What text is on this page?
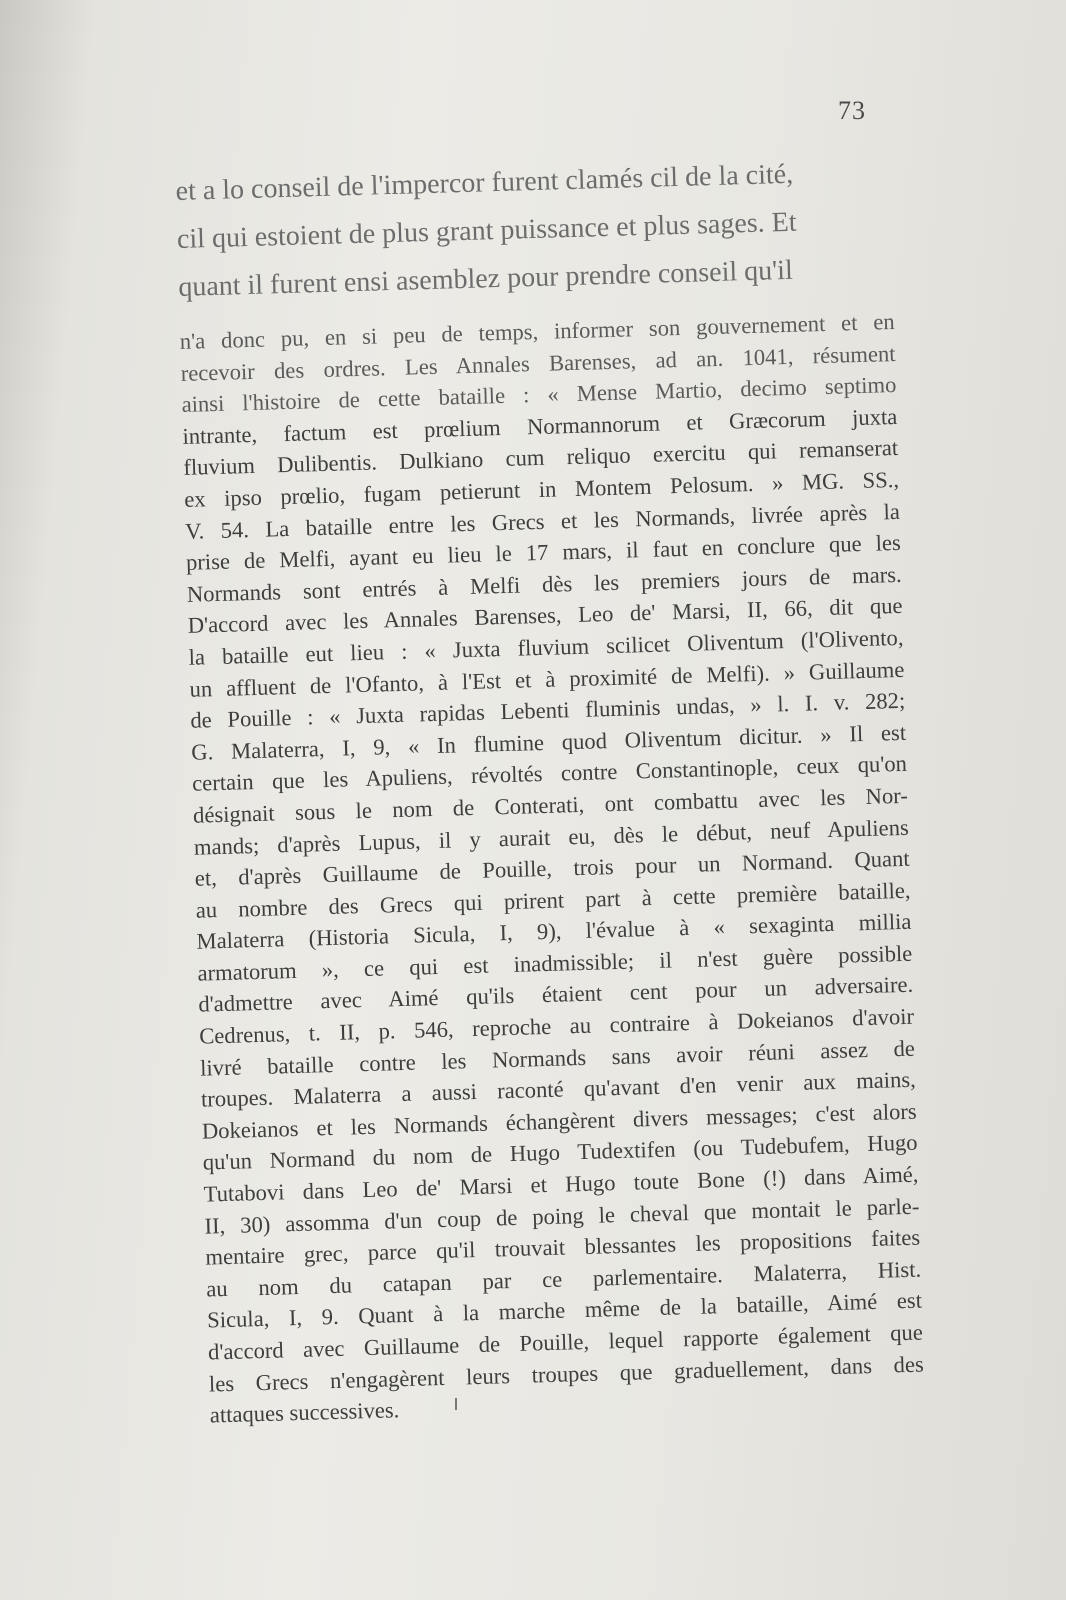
73
et a lo conseil de l'impercor furent clamés cil de la cité,
cil qui estoient de plus grant puissance et plus sages. Et
quant il furent ensi asemblez pour prendre conseil qu'il
n'a donc pu, en si peu de temps, informer son gouvernement et en
recevoir des ordres. Les Annales Barenses, ad an. 1041, résument
ainsi l'histoire de cette bataille : « Mense Martio, decimo septimo
intrante, factum est prœlium Normannorum et Græcorum juxta
fluvium Dulibentis. Dulkiano cum reliquo exercitu qui remanserat
ex ipso prœlio, fugam petierunt in Montem Pelosum. » MG. SS.,
V. 54. La bataille entre les Grecs et les Normands, livrée après la
prise de Melfi, ayant eu lieu le 17 mars, il faut en conclure que les
Normands sont entrés à Melfi dès les premiers jours de mars.
D'accord avec les Annales Barenses, Leo de' Marsi, II, 66, dit que
la bataille eut lieu : « Juxta fluvium scilicet Oliventum (l'Olivento,
un affluent de l'Ofanto, à l'Est et à proximité de Melfi). » Guillaume
de Pouille : « Juxta rapidas Lebenti fluminis undas, » l. I. v. 282;
G. Malaterra, I, 9, « In flumine quod Oliventum dicitur. » Il est
certain que les Apuliens, révoltés contre Constantinople, ceux qu'on
désignait sous le nom de Conterati, ont combattu avec les Nor-
mands; d'après Lupus, il y aurait eu, dès le début, neuf Apuliens
et, d'après Guillaume de Pouille, trois pour un Normand. Quant
au nombre des Grecs qui prirent part à cette première bataille,
Malaterra (Historia Sicula, I, 9), l'évalue à « sexaginta millia
armatorum », ce qui est inadmissible; il n'est guère possible
d'admettre avec Aimé qu'ils étaient cent pour un adversaire.
Cedrenus, t. II, p. 546, reproche au contraire à Dokeianos d'avoir
livré bataille contre les Normands sans avoir réuni assez de
troupes. Malaterra a aussi raconté qu'avant d'en venir aux mains,
Dokeianos et les Normands échangèrent divers messages; c'est alors
qu'un Normand du nom de Hugo Tudextifen (ou Tudebufem, Hugo
Tutabovi dans Leo de' Marsi et Hugo toute Bone (!) dans Aimé,
II, 30) assomma d'un coup de poing le cheval que montait le parle-
mentaire grec, parce qu'il trouvait blessantes les propositions faites
au nom du catapan par ce parlementaire. Malaterra, Hist.
Sicula, I, 9. Quant à la marche même de la bataille, Aimé est
d'accord avec Guillaume de Pouille, lequel rapporte également que
les Grecs n'engagèrent leurs troupes que graduellement, dans des
attaques successives.
